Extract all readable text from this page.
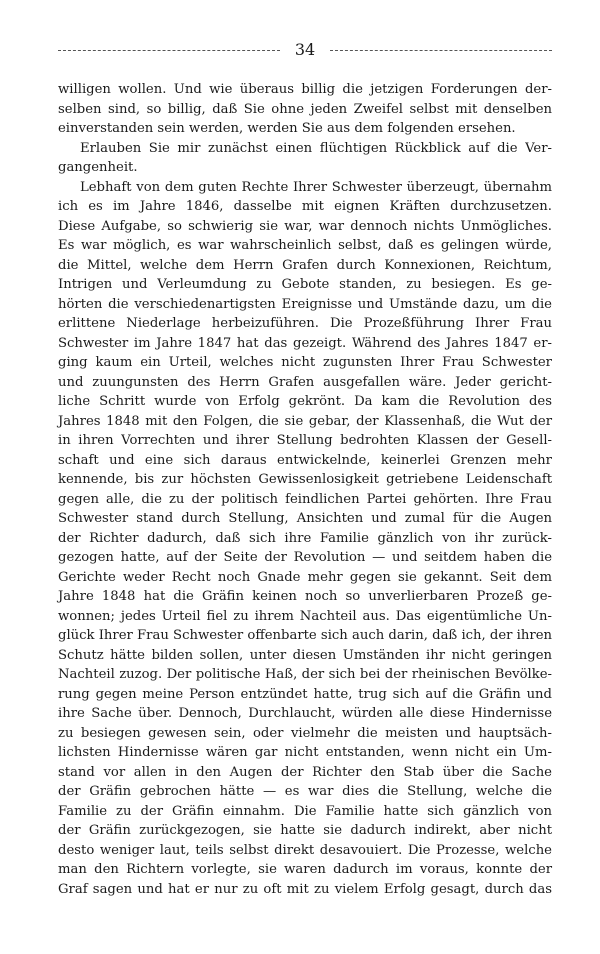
34
willigen wollen. Und wie überaus billig die jetzigen Forderungen der-
selben sind, so billig, daß Sie ohne jeden Zweifel selbst mit denselben
einverstanden sein werden, werden Sie aus dem folgenden ersehen.
Erlauben Sie mir zunächst einen flüchtigen Rückblick auf die Ver-
gangenheit.
Lebhaft von dem guten Rechte Ihrer Schwester überzeugt, übernahm
ich es im Jahre 1846, dasselbe mit eignen Kräften durchzusetzen.
Diese Aufgabe, so schwierig sie war, war dennoch nichts Unmögliches.
Es war möglich, es war wahrscheinlich selbst, daß es gelingen würde,
die Mittel, welche dem Herrn Grafen durch Konnexionen, Reichtum,
Intrigen und Verleumdung zu Gebote standen, zu besiegen. Es ge-
hörten die verschiedenartigsten Ereignisse und Umstände dazu, um die
erlittene Niederlage herbeizuführen. Die Prozeßführung Ihrer Frau
Schwester im Jahre 1847 hat das gezeigt. Während des Jahres 1847 er-
ging kaum ein Urteil, welches nicht zugunsten Ihrer Frau Schwester
und zuungunsten des Herrn Grafen ausgefallen wäre. Jeder gericht-
liche Schritt wurde von Erfolg gekrönt. Da kam die Revolution des
Jahres 1848 mit den Folgen, die sie gebar, der Klassenhaß, die Wut der
in ihren Vorrechten und ihrer Stellung bedrohten Klassen der Gesell-
schaft und eine sich daraus entwickelnde, keinerlei Grenzen mehr
kennende, bis zur höchsten Gewissenlosigkeit getriebene Leidenschaft
gegen alle, die zu der politisch feindlichen Partei gehörten. Ihre Frau
Schwester stand durch Stellung, Ansichten und zumal für die Augen
der Richter dadurch, daß sich ihre Familie gänzlich von ihr zurück-
gezogen hatte, auf der Seite der Revolution — und seitdem haben die
Gerichte weder Recht noch Gnade mehr gegen sie gekannt. Seit dem
Jahre 1848 hat die Gräfin keinen noch so unverlierbaren Prozeß ge-
wonnen; jedes Urteil fiel zu ihrem Nachteil aus. Das eigentümliche Un-
glück Ihrer Frau Schwester offenbarte sich auch darin, daß ich, der ihren
Schutz hätte bilden sollen, unter diesen Umständen ihr nicht geringen
Nachteil zuzog. Der politische Haß, der sich bei der rheinischen Bevölke-
rung gegen meine Person entzündet hatte, trug sich auf die Gräfin und
ihre Sache über. Dennoch, Durchlaucht, würden alle diese Hindernisse
zu besiegen gewesen sein, oder vielmehr die meisten und hauptsäch-
lichsten Hindernisse wären gar nicht entstanden, wenn nicht ein Um-
stand vor allen in den Augen der Richter den Stab über die Sache
der Gräfin gebrochen hätte — es war dies die Stellung, welche die
Familie zu der Gräfin einnahm. Die Familie hatte sich gänzlich von
der Gräfin zurückgezogen, sie hatte sie dadurch indirekt, aber nicht
desto weniger laut, teils selbst direkt desavouiert. Die Prozesse, welche
man den Richtern vorlegte, sie waren dadurch im voraus, konnte der
Graf sagen und hat er nur zu oft mit zu vielem Erfolg gesagt, durch das
